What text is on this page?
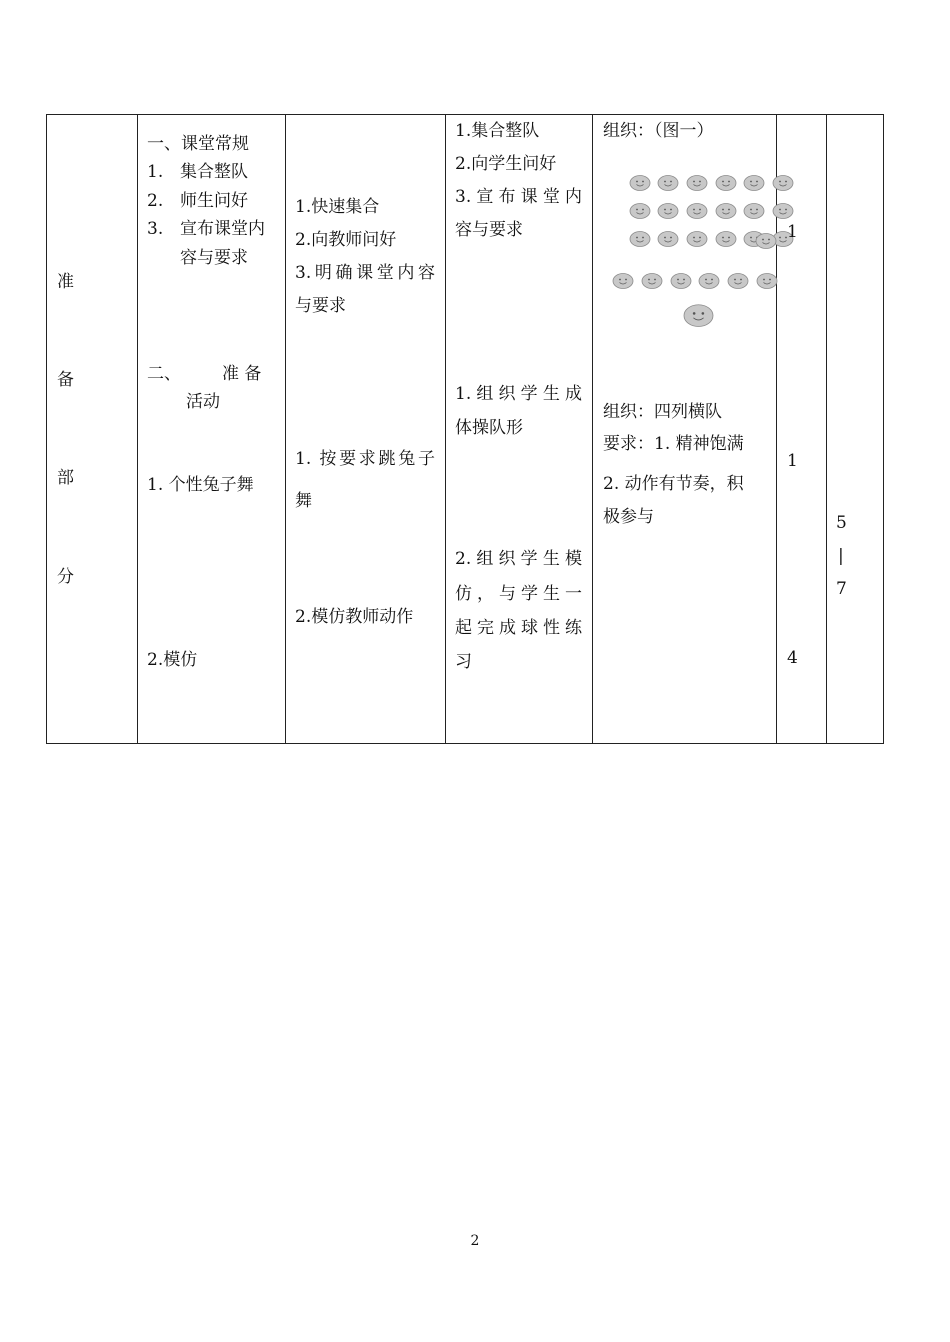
准
备
部
分
一、课堂常规
1. 集合整队
2. 师生问好
3. 宣布课堂内
容与要求
二、 准 备
活动
1. 个性兔子舞
2.模仿
1.快速集合
2.向教师问好
3.明确课堂内容
与要求
1. 按要求跳兔子
舞
2.模仿教师动作
1.集合整队
2.向学生问好
3.宣布课堂内
容与要求
1.组织学生成
体操队形
2.组织学生模
仿，与学生一
起完成球性练
习
组织：（图一）
组织：四列横队
要求：1. 精神饱满
2. 动作有节奏，积
极参与
1
1
4
5
|
7
2
